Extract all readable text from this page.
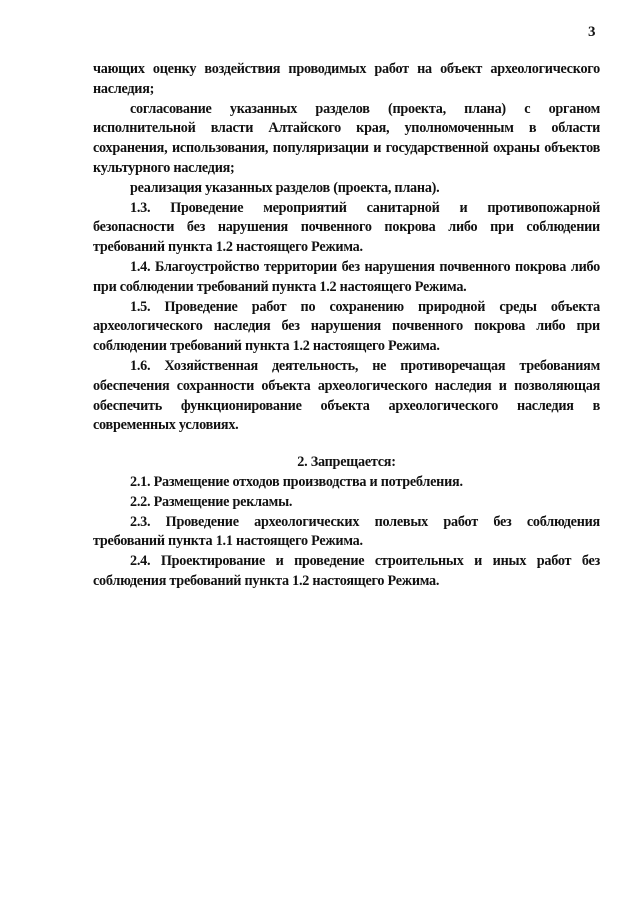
3

чающих оценку воздействия проводимых работ на объект археологического наследия;

согласование указанных разделов (проекта, плана) с органом исполнительной власти Алтайского края, уполномоченным в области сохранения, использования, популяризации и государственной охраны объектов культурного наследия;

реализация указанных разделов (проекта, плана).

1.3. Проведение мероприятий санитарной и противопожарной безопасности без нарушения почвенного покрова либо при соблюдении требований пункта 1.2 настоящего Режима.

1.4. Благоустройство территории без нарушения почвенного покрова либо при соблюдении требований пункта 1.2 настоящего Режима.

1.5. Проведение работ по сохранению природной среды объекта археологического наследия без нарушения почвенного покрова либо при соблюдении требований пункта 1.2 настоящего Режима.

1.6. Хозяйственная деятельность, не противоречащая требованиям обеспечения сохранности объекта археологического наследия и позволяющая обеспечить функционирование объекта археологического наследия в современных условиях.

2. Запрещается:

2.1. Размещение отходов производства и потребления.

2.2. Размещение рекламы.

2.3. Проведение археологических полевых работ без соблюдения требований пункта 1.1 настоящего Режима.

2.4. Проектирование и проведение строительных и иных работ без соблюдения требований пункта 1.2 настоящего Режима.
